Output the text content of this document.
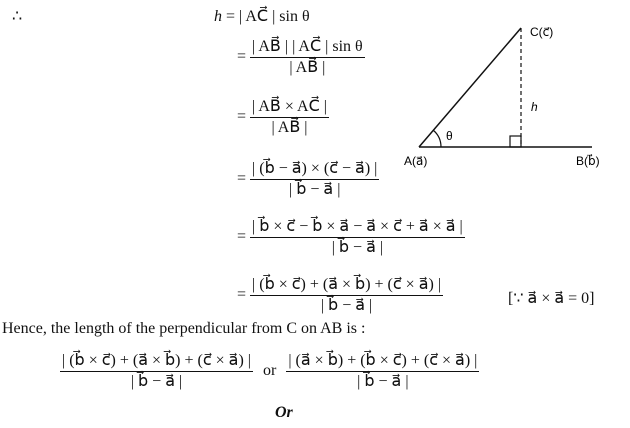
∴	h = | AC⃗ | sin θ
= $\frac{\text{| AB⃗ | | AC⃗ | sin θ}}{| AB⃗ |}$
= $\frac{| AB⃗ \times AC⃗ |}{| AB⃗ |}$
= $\frac{| (b⃗ - a⃗) \times (c⃗ - a⃗) |}{| b⃗ - a⃗ |}$
= $\frac{| b⃗ \times c⃗ - b⃗ \times a⃗ - a⃗ \times c⃗ + a⃗ \times a⃗ |}{| b⃗ - a⃗ |}$
= $\frac{| (b⃗ \times c⃗) + (a⃗ \times b⃗) + (c⃗ \times a⃗) |}{| b⃗ - a⃗ |}$	[∵ a⃗ × a⃗ = 0]
Hence, the length of the perpendicular from C on AB is :
$\frac{| (b⃗ \times c⃗) + (a⃗ \times b⃗) + (c⃗ \times a⃗) |}{| b⃗ - a⃗ |}$ or $\frac{| (a⃗ \times b⃗) + (b⃗ \times c⃗) + (c⃗ \times a⃗) |}{| b⃗ - a⃗ |}$
Or
θ
h
C(c⃗)
A(a⃗)	B(b⃗)
